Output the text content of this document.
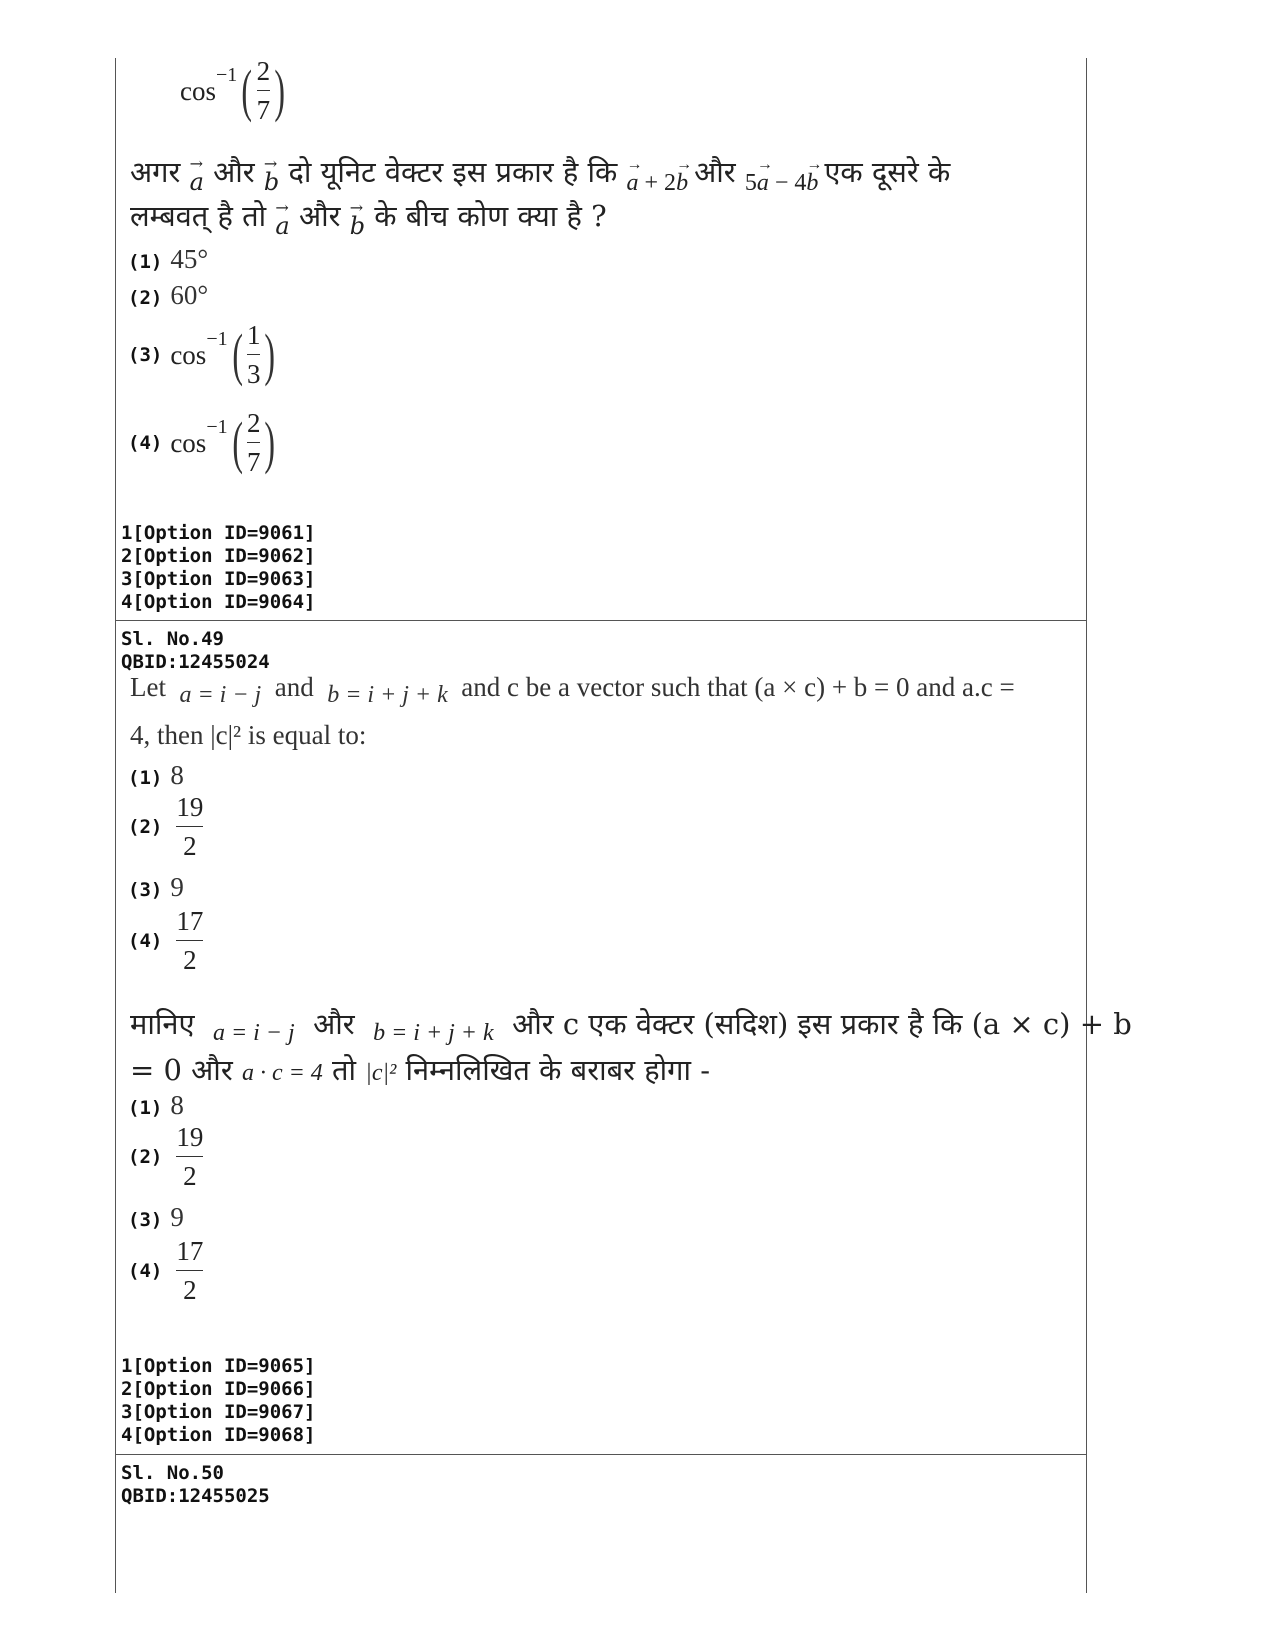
cos
−1 ( $\frac{2}{7}$ )
अगर → a और → b दो यूनिट वेक्टर इस प्रकार है कि → $_{a + 2\to b}$ और $_{5\to a - 4\to b}$ एक दूसरे के
लम्बवत् है तो → a और → b के बीच कोण क्या है ?
(1) 45°
(2) 60°
(3)
cos
−1 ( $\frac{1}{3}$ )
(4)
cos
−1 ( $\frac{2}{7}$ )
1[Option ID=9061]
2[Option ID=9062]
3[Option ID=9063]
4[Option ID=9064]
Sl. No.49
QBID:12455024
Let a = i − j and b = i + j + k and c be a vector such that (a × c) + b = 0 and a.c =
4, then |c|² is equal to:
(1) 8
(2)
$\frac{19}{2}$
(3) 9
(4)
$\frac{17}{2}$
मानिए $_{a = i - j}$ और $_{b = i + j + k}$ और c एक वेक्टर (सदिश) इस प्रकार है कि (a × c) + b
= 0 और a · c = 4 तो |c|² निम्नलिखित के बराबर होगा -
(1) 8
(2)
$\frac{19}{2}$
(3) 9
(4)
$\frac{17}{2}$
1[Option ID=9065]
2[Option ID=9066]
3[Option ID=9067]
4[Option ID=9068]
Sl. No.50
QBID:12455025
